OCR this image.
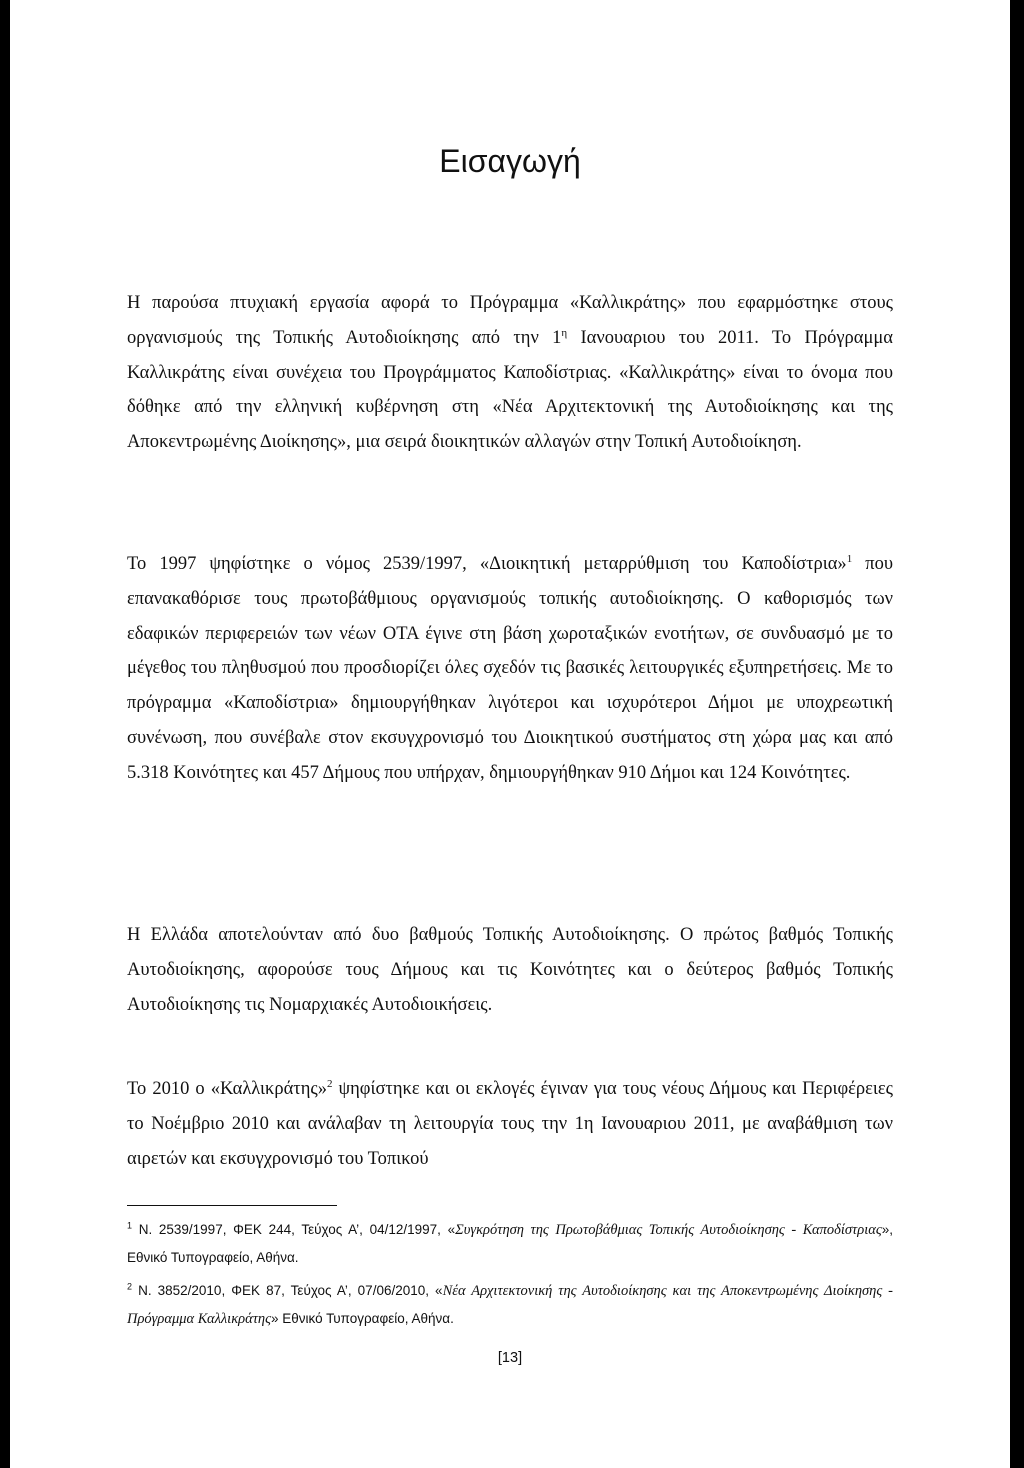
Εισαγωγή

Η παρούσα πτυχιακή εργασία αφορά το Πρόγραμμα «Καλλικράτης» που εφαρμόστηκε στους οργανισμούς της Τοπικής Αυτοδιοίκησης από την $1^\eta$ Ιανουαριου του 2011. Το Πρόγραμμα Καλλικράτης είναι συνέχεια του Προγράμματος Καποδίστριας. «Καλλικράτης» είναι το όνομα που δόθηκε από την ελληνική κυβέρνηση στη «Νέα Αρχιτεκτονική της Αυτοδιοίκησης και της Αποκεντρωμένης Διοίκησης», μια σειρά διοικητικών αλλαγών στην Τοπική Αυτοδιοίκηση.

Το 1997 ψηφίστηκε ο νόμος 2539/1997, «Διοικητική μεταρρύθμιση του Καποδίστρια»$^1$ που επανακαθόρισε τους πρωτοβάθμιους οργανισμούς τοπικής αυτοδιοίκησης. Ο καθορισμός των εδαφικών περιφερειών των νέων ΟΤΑ έγινε στη βάση χωροταξικών ενοτήτων, σε συνδυασμό με το μέγεθος του πληθυσμού που προσδιορίζει όλες σχεδόν τις βασικές λειτουργικές εξυπηρετήσεις. Με το πρόγραμμα «Καποδίστρια» δημιουργήθηκαν λιγότεροι και ισχυρότεροι Δήμοι με υποχρεωτική συνένωση, που συνέβαλε στον εκσυγχρονισμό του Διοικητικού συστήματος στη χώρα μας και από 5.318 Κοινότητες και 457 Δήμους που υπήρχαν, δημιουργήθηκαν 910 Δήμοι και 124 Κοινότητες.

Η Ελλάδα αποτελούνταν από δυο βαθμούς Τοπικής Αυτοδιοίκησης. Ο πρώτος βαθμός Τοπικής Αυτοδιοίκησης, αφορούσε τους Δήμους και τις Κοινότητες και ο δεύτερος βαθμός Τοπικής Αυτοδιοίκησης τις Νομαρχιακές Αυτοδιοικήσεις.

Το 2010 ο «Καλλικράτης»$^2$ ψηφίστηκε και οι εκλογές έγιναν για τους νέους Δήμους και Περιφέρειες το Νοέμβριο 2010 και ανάλαβαν τη λειτουργία τους την 1η Ιανουαριου 2011, με αναβάθμιση των αιρετών και εκσυγχρονισμό του Τοπικού

$^1$ Ν. 2539/1997, ΦΕΚ 244, Τεύχος Α’, 04/12/1997, «Συγκρότηση της Πρωτοβάθμιας Τοπικής Αυτοδιοίκησης - Καποδίστριας», Εθνικό Τυπογραφείο, Αθήνα.

$^2$ Ν. 3852/2010, ΦΕΚ 87, Τεύχος Α’, 07/06/2010, «Νέα Αρχιτεκτονική της Αυτοδιοίκησης και της Αποκεντρωμένης Διοίκησης - Πρόγραμμα Καλλικράτης» Εθνικό Τυπογραφείο, Αθήνα.

[13]
